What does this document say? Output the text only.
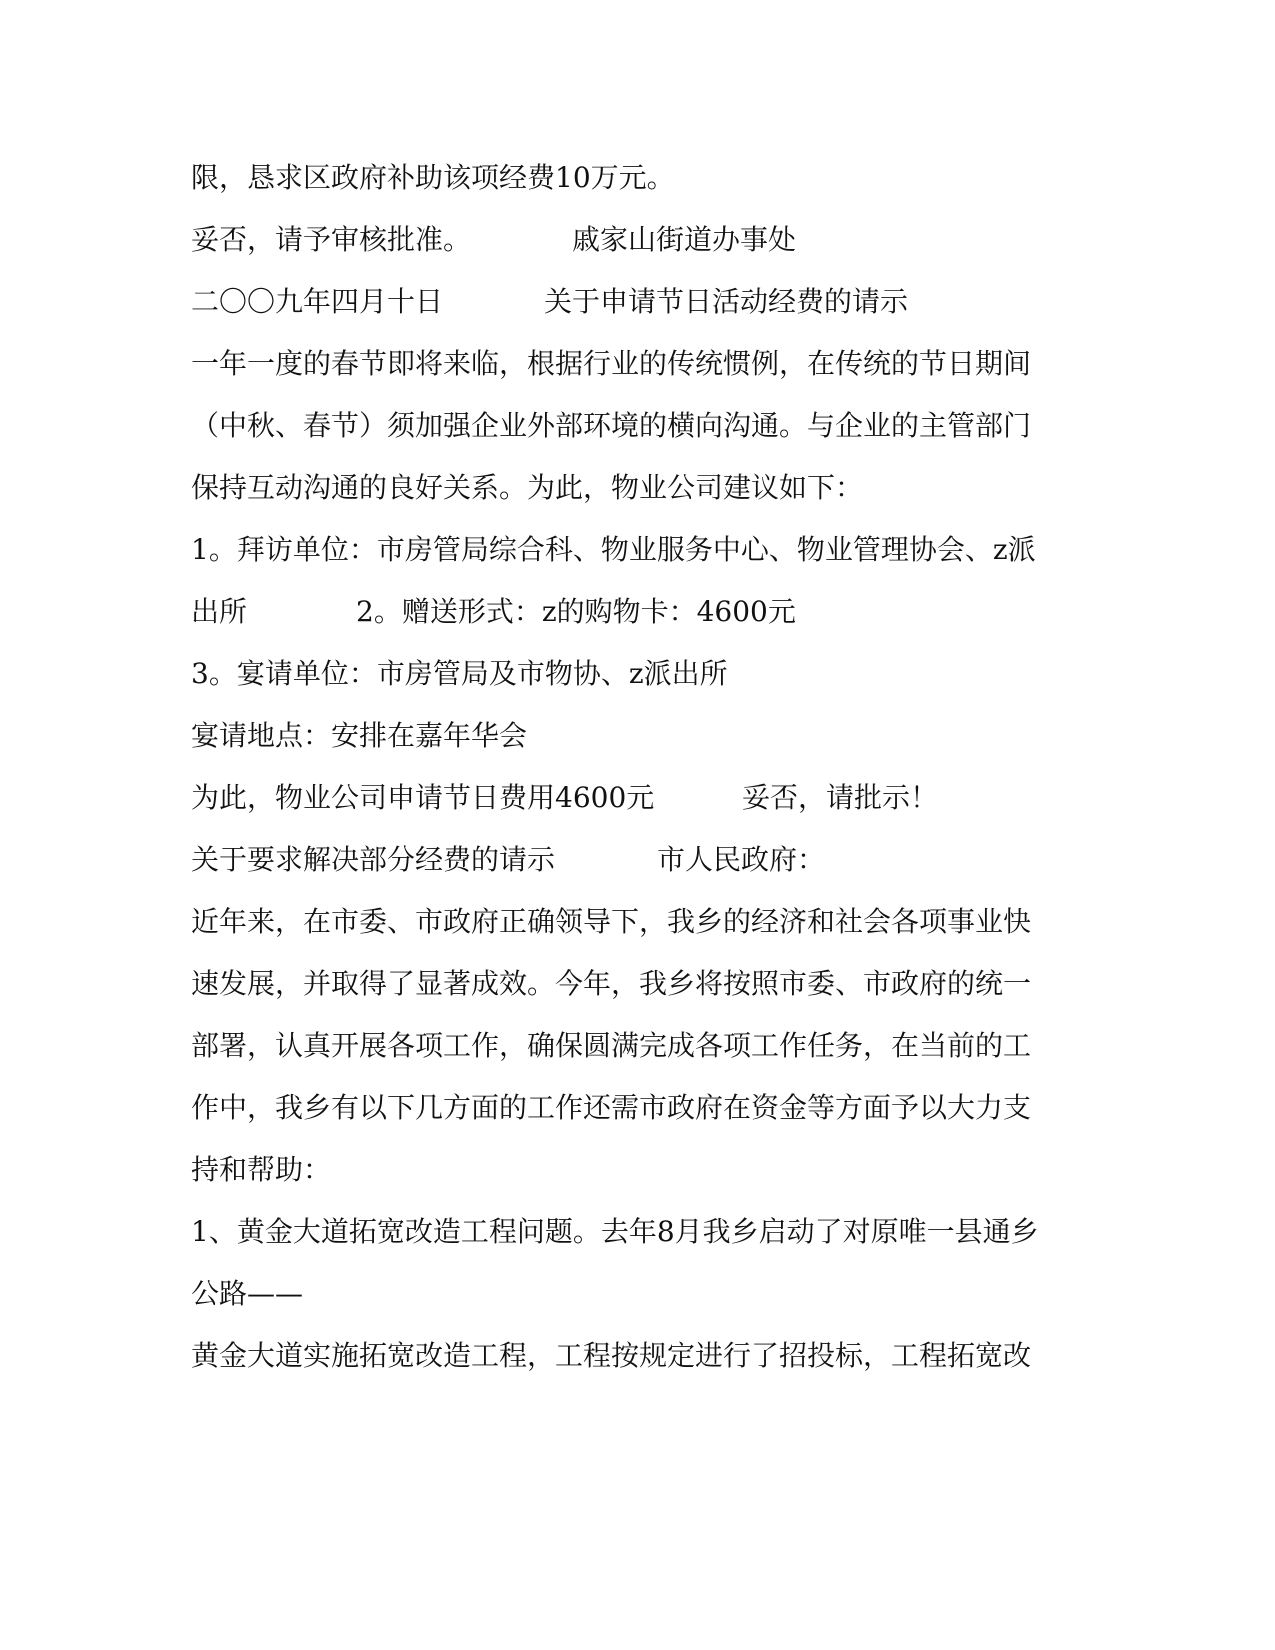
限，恳求区政府补助该项经费10万元。
妥否，请予审核批准。	戚家山街道办事处
二〇〇九年四月十日	关于申请节日活动经费的请示
一年一度的春节即将来临，根据行业的传统惯例，在传统的节日期间
（中秋、春节）须加强企业外部环境的横向沟通。与企业的主管部门
保持互动沟通的良好关系。为此，物业公司建议如下：
1。拜访单位：市房管局综合科、物业服务中心、物业管理协会、z派
出所	2。赠送形式：z的购物卡：4600元
3。宴请单位：市房管局及市物协、z派出所
宴请地点：安排在嘉年华会
为此，物业公司申请节日费用4600元	妥否，请批示！
关于要求解决部分经费的请示	市人民政府：
近年来，在市委、市政府正确领导下，我乡的经济和社会各项事业快
速发展，并取得了显著成效。今年，我乡将按照市委、市政府的统一
部署，认真开展各项工作，确保圆满完成各项工作任务，在当前的工
作中，我乡有以下几方面的工作还需市政府在资金等方面予以大力支
持和帮助：
1、黄金大道拓宽改造工程问题。去年8月我乡启动了对原唯一县通乡
公路——
黄金大道实施拓宽改造工程，工程按规定进行了招投标，工程拓宽改
